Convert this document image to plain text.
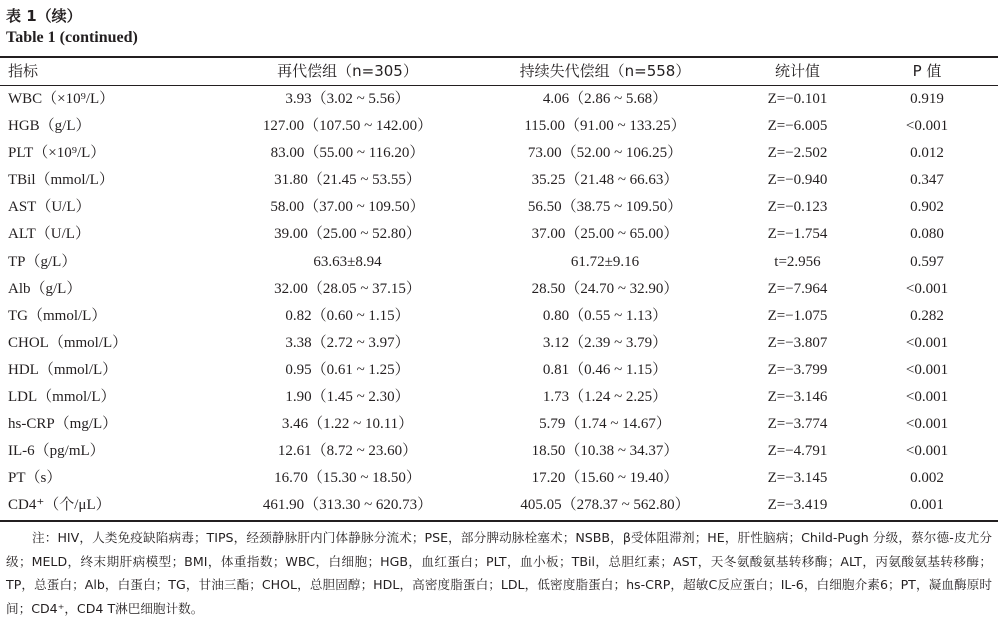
表 1（续）
Table 1 (continued)
指标	再代偿组（n=305）	持续失代偿组（n=558）	统计值	P 值
WBC（×10⁹/L）	3.93（3.02 ~ 5.56）	4.06（2.86 ~ 5.68）	Z=−0.101	0.919
HGB（g/L）	127.00（107.50 ~ 142.00）	115.00（91.00 ~ 133.25）	Z=−6.005	<0.001
PLT（×10⁹/L）	83.00（55.00 ~ 116.20）	73.00（52.00 ~ 106.25）	Z=−2.502	0.012
TBil（mmol/L）	31.80（21.45 ~ 53.55）	35.25（21.48 ~ 66.63）	Z=−0.940	0.347
AST（U/L）	58.00（37.00 ~ 109.50）	56.50（38.75 ~ 109.50）	Z=−0.123	0.902
ALT（U/L）	39.00（25.00 ~ 52.80）	37.00（25.00 ~ 65.00）	Z=−1.754	0.080
TP（g/L）	63.63±8.94	61.72±9.16	t=2.956	0.597
Alb（g/L）	32.00（28.05 ~ 37.15）	28.50（24.70 ~ 32.90）	Z=−7.964	<0.001
TG（mmol/L）	0.82（0.60 ~ 1.15）	0.80（0.55 ~ 1.13）	Z=−1.075	0.282
CHOL（mmol/L）	3.38（2.72 ~ 3.97）	3.12（2.39 ~ 3.79）	Z=−3.807	<0.001
HDL（mmol/L）	0.95（0.61 ~ 1.25）	0.81（0.46 ~ 1.15）	Z=−3.799	<0.001
LDL（mmol/L）	1.90（1.45 ~ 2.30）	1.73（1.24 ~ 2.25）	Z=−3.146	<0.001
hs-CRP（mg/L）	3.46（1.22 ~ 10.11）	5.79（1.74 ~ 14.67）	Z=−3.774	<0.001
IL-6（pg/mL）	12.61（8.72 ~ 23.60）	18.50（10.38 ~ 34.37）	Z=−4.791	<0.001
PT（s）	16.70（15.30 ~ 18.50）	17.20（15.60 ~ 19.40）	Z=−3.145	0.002
CD4⁺（个/μL）	461.90（313.30 ~ 620.73）	405.05（278.37 ~ 562.80）	Z=−3.419	0.001
注：HIV，人类免疫缺陷病毒；TIPS，经颈静脉肝内门体静脉分流术；PSE，部分脾动脉栓塞术；NSBB，β受体阻滞剂；HE，肝性脑病；Child-Pugh 分级，蔡尔德-皮尤分级；MELD，终末期肝病模型；BMI，体重指数；WBC，白细胞；HGB，血红蛋白；PLT，血小板；TBil，总胆红素；AST，天冬氨酸氨基转移酶；ALT，丙氨酸氨基转移酶；TP，总蛋白；Alb，白蛋白；TG，甘油三酯；CHOL，总胆固醇；HDL，高密度脂蛋白；LDL，低密度脂蛋白；hs-CRP，超敏C反应蛋白；IL-6，白细胞介素6；PT，凝血酶原时间；CD4⁺，CD4 T淋巴细胞计数。
